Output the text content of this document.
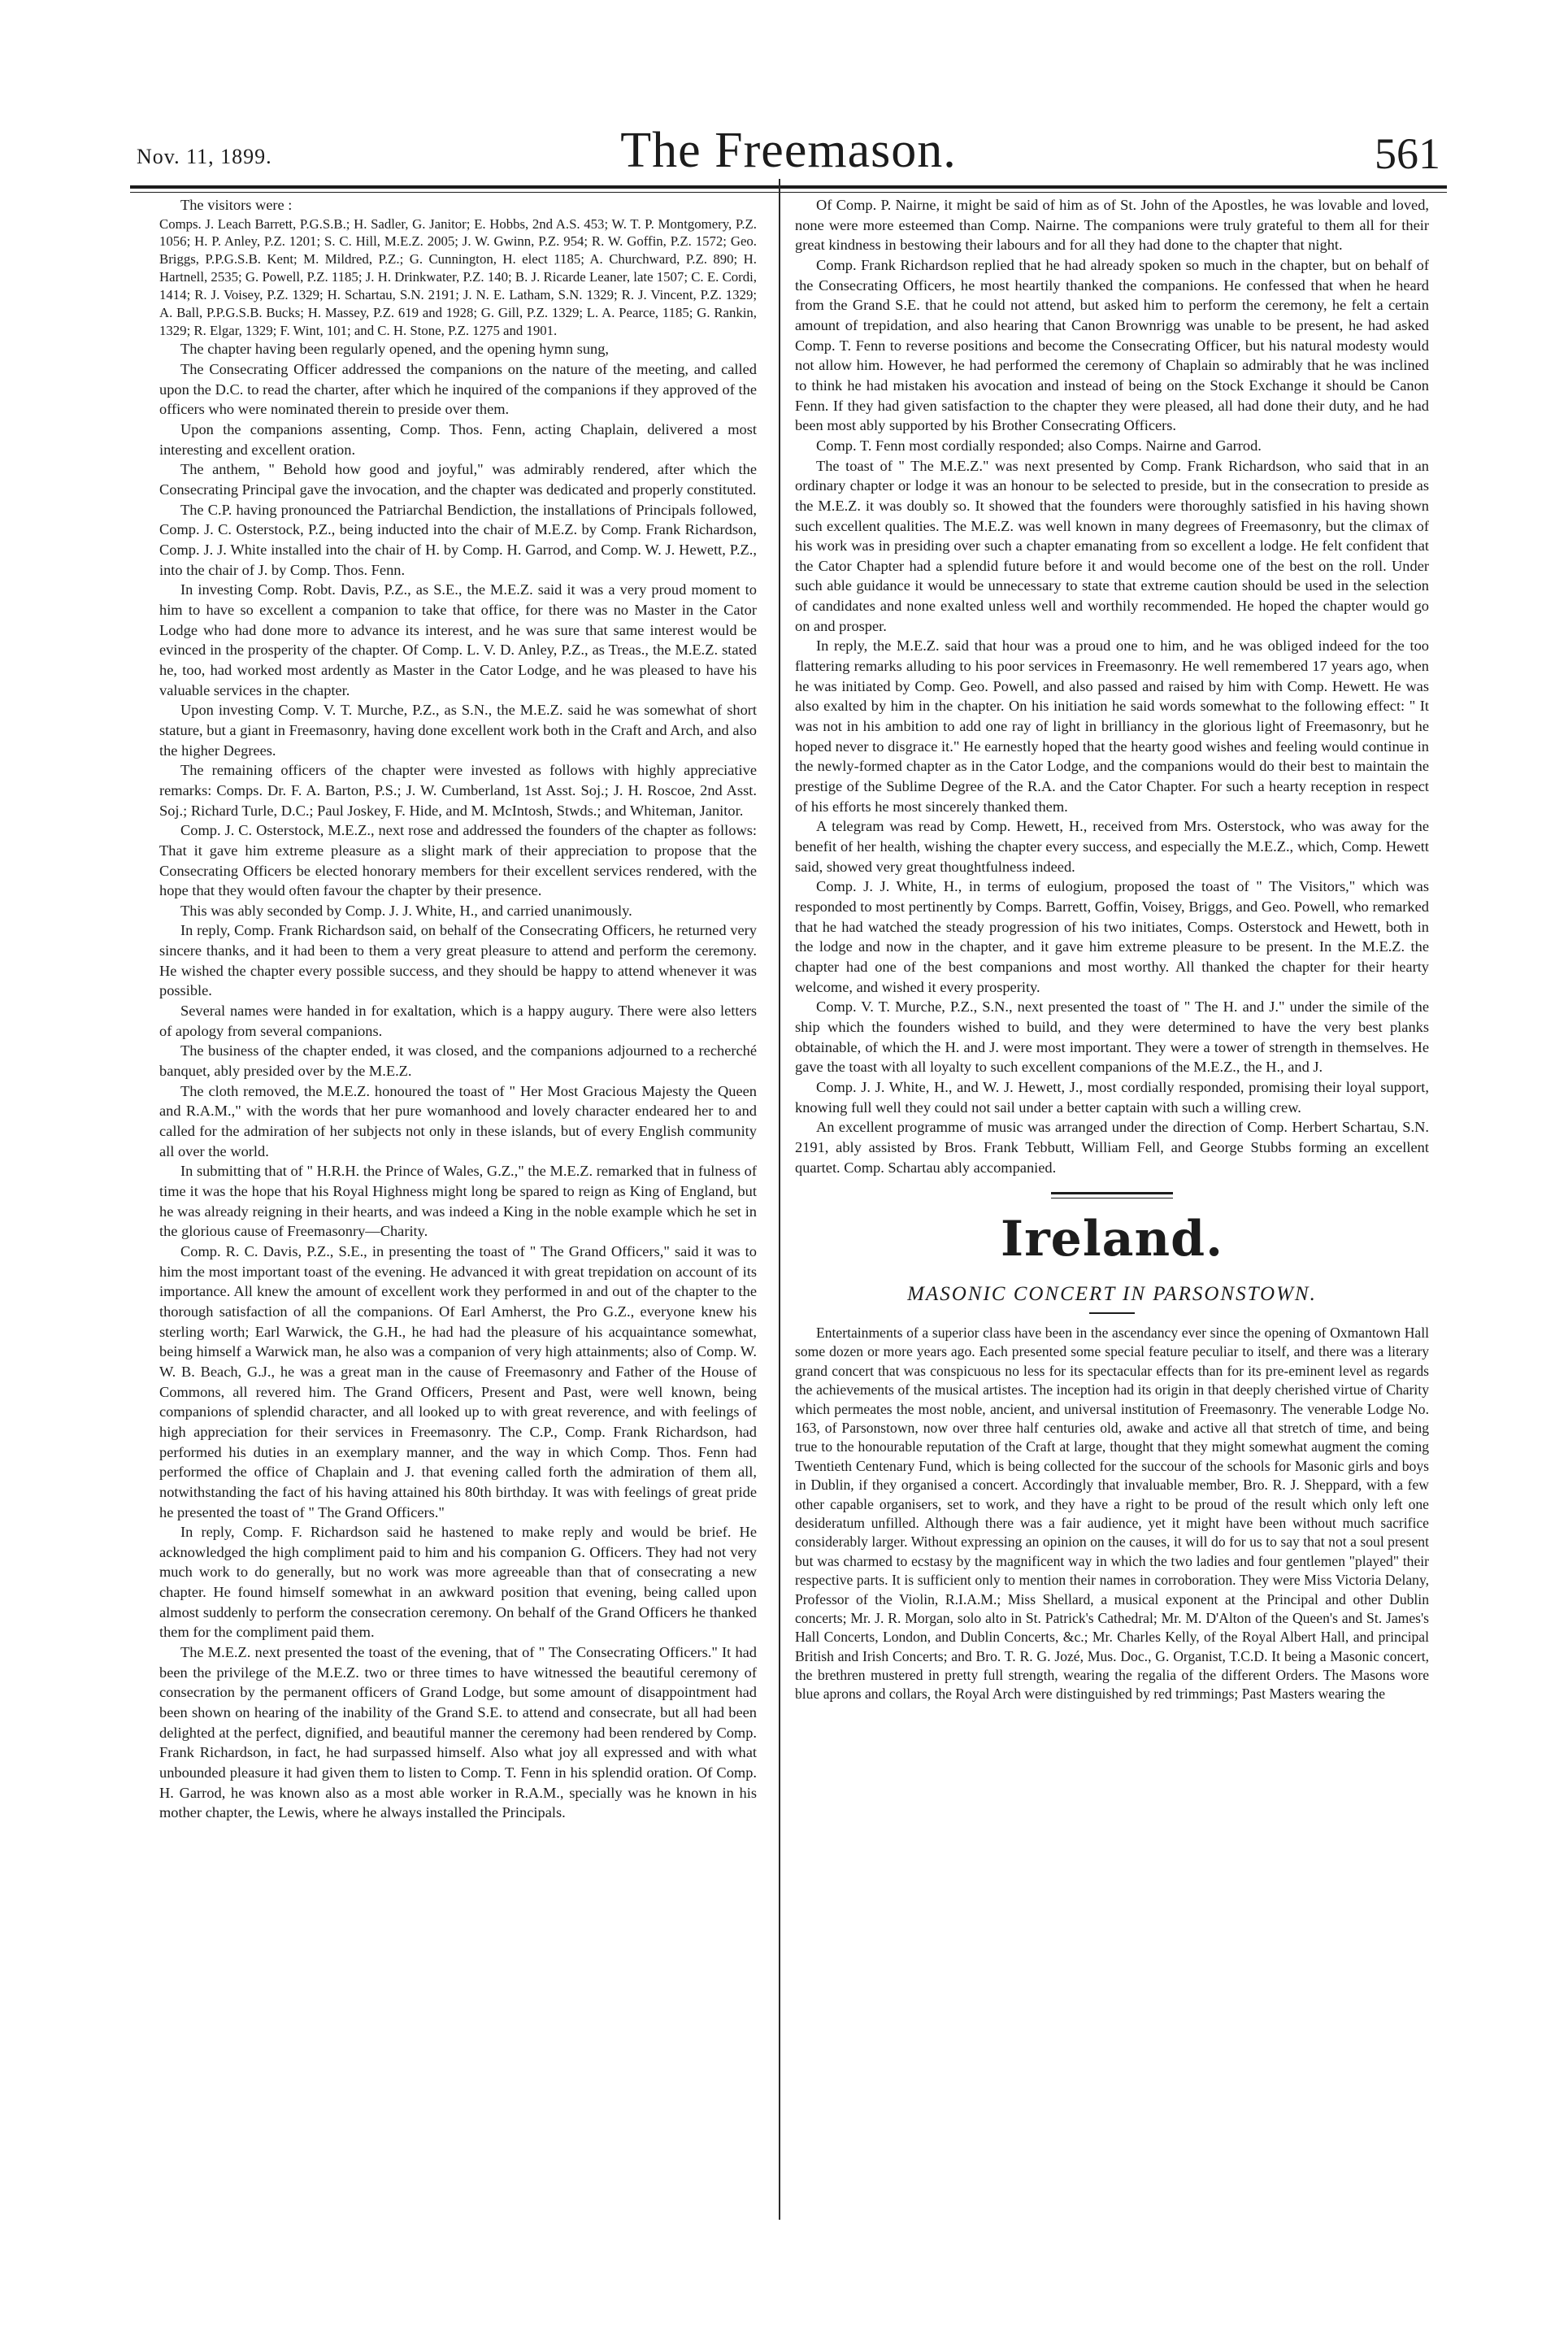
Nov. 11, 1899.	The Freemason.	561

The visitors were :

Comps. J. Leach Barrett, P.G.S.B.; H. Sadler, G. Janitor; E. Hobbs, 2nd A.S. 453; W. T. P. Montgomery, P.Z. 1056; H. P. Anley, P.Z. 1201; S. C. Hill, M.E.Z. 2005; J. W. Gwinn, P.Z. 954; R. W. Goffin, P.Z. 1572; Geo. Briggs, P.P.G.S.B. Kent; M. Mildred, P.Z.; G. Cunnington, H. elect 1185; A. Churchward, P.Z. 890; H. Hartnell, 2535; G. Powell, P.Z. 1185; J. H. Drinkwater, P.Z. 140; B. J. Ricarde Leaner, late 1507; C. E. Cordi, 1414; R. J. Voisey, P.Z. 1329; H. Schartau, S.N. 2191; J. N. E. Latham, S.N. 1329; R. J. Vincent, P.Z. 1329; A. Ball, P.P.G.S.B. Bucks; H. Massey, P.Z. 619 and 1928; G. Gill, P.Z. 1329; L. A. Pearce, 1185; G. Rankin, 1329; R. Elgar, 1329; F. Wint, 101; and C. H. Stone, P.Z. 1275 and 1901.

The chapter having been regularly opened, and the opening hymn sung,

The Consecrating Officer addressed the companions on the nature of the meeting, and called upon the D.C. to read the charter, after which he inquired of the companions if they approved of the officers who were nominated therein to preside over them.

Upon the companions assenting, Comp. Thos. Fenn, acting Chaplain, delivered a most interesting and excellent oration.

The anthem, " Behold how good and joyful," was admirably rendered, after which the Consecrating Principal gave the invocation, and the chapter was dedicated and properly constituted.

The C.P. having pronounced the Patriarchal Bendiction, the installations of Principals followed, Comp. J. C. Osterstock, P.Z., being inducted into the chair of M.E.Z. by Comp. Frank Richardson, Comp. J. J. White installed into the chair of H. by Comp. H. Garrod, and Comp. W. J. Hewett, P.Z., into the chair of J. by Comp. Thos. Fenn.

In investing Comp. Robt. Davis, P.Z., as S.E., the M.E.Z. said it was a very proud moment to him to have so excellent a companion to take that office, for there was no Master in the Cator Lodge who had done more to advance its interest, and he was sure that same interest would be evinced in the prosperity of the chapter. Of Comp. L. V. D. Anley, P.Z., as Treas., the M.E.Z. stated he, too, had worked most ardently as Master in the Cator Lodge, and he was pleased to have his valuable services in the chapter.

Upon investing Comp. V. T. Murche, P.Z., as S.N., the M.E.Z. said he was somewhat of short stature, but a giant in Freemasonry, having done excellent work both in the Craft and Arch, and also the higher Degrees.

The remaining officers of the chapter were invested as follows with highly appreciative remarks: Comps. Dr. F. A. Barton, P.S.; J. W. Cumberland, 1st Asst. Soj.; J. H. Roscoe, 2nd Asst. Soj.; Richard Turle, D.C.; Paul Joskey, F. Hide, and M. McIntosh, Stwds.; and Whiteman, Janitor.

Comp. J. C. Osterstock, M.E.Z., next rose and addressed the founders of the chapter as follows: That it gave him extreme pleasure as a slight mark of their appreciation to propose that the Consecrating Officers be elected honorary members for their excellent services rendered, with the hope that they would often favour the chapter by their presence.

This was ably seconded by Comp. J. J. White, H., and carried unanimously.

In reply, Comp. Frank Richardson said, on behalf of the Consecrating Officers, he returned very sincere thanks, and it had been to them a very great pleasure to attend and perform the ceremony. He wished the chapter every possible success, and they should be happy to attend whenever it was possible.

Several names were handed in for exaltation, which is a happy augury. There were also letters of apology from several companions.

The business of the chapter ended, it was closed, and the companions adjourned to a recherché banquet, ably presided over by the M.E.Z.

The cloth removed, the M.E.Z. honoured the toast of " Her Most Gracious Majesty the Queen and R.A.M.," with the words that her pure womanhood and lovely character endeared her to and called for the admiration of her subjects not only in these islands, but of every English community all over the world.

In submitting that of " H.R.H. the Prince of Wales, G.Z.," the M.E.Z. remarked that in fulness of time it was the hope that his Royal Highness might long be spared to reign as King of England, but he was already reigning in their hearts, and was indeed a King in the noble example which he set in the glorious cause of Freemasonry—Charity.

Comp. R. C. Davis, P.Z., S.E., in presenting the toast of " The Grand Officers," said it was to him the most important toast of the evening. He advanced it with great trepidation on account of its importance. All knew the amount of excellent work they performed in and out of the chapter to the thorough satisfaction of all the companions. Of Earl Amherst, the Pro G.Z., everyone knew his sterling worth; Earl Warwick, the G.H., he had had the pleasure of his acquaintance somewhat, being himself a Warwick man, he also was a companion of very high attainments; also of Comp. W. W. B. Beach, G.J., he was a great man in the cause of Freemasonry and Father of the House of Commons, all revered him. The Grand Officers, Present and Past, were well known, being companions of splendid character, and all looked up to with great reverence, and with feelings of high appreciation for their services in Freemasonry. The C.P., Comp. Frank Richardson, had performed his duties in an exemplary manner, and the way in which Comp. Thos. Fenn had performed the office of Chaplain and J. that evening called forth the admiration of them all, notwithstanding the fact of his having attained his 80th birthday. It was with feelings of great pride he presented the toast of " The Grand Officers."

In reply, Comp. F. Richardson said he hastened to make reply and would be brief. He acknowledged the high compliment paid to him and his companion G. Officers. They had not very much work to do generally, but no work was more agreeable than that of consecrating a new chapter. He found himself somewhat in an awkward position that evening, being called upon almost suddenly to perform the consecration ceremony. On behalf of the Grand Officers he thanked them for the compliment paid them.

The M.E.Z. next presented the toast of the evening, that of " The Consecrating Officers." It had been the privilege of the M.E.Z. two or three times to have witnessed the beautiful ceremony of consecration by the permanent officers of Grand Lodge, but some amount of disappointment had been shown on hearing of the inability of the Grand S.E. to attend and consecrate, but all had been delighted at the perfect, dignified, and beautiful manner the ceremony had been rendered by Comp. Frank Richardson, in fact, he had surpassed himself. Also what joy all expressed and with what unbounded pleasure it had given them to listen to Comp. T. Fenn in his splendid oration. Of Comp. H. Garrod, he was known also as a most able worker in R.A.M., specially was he known in his mother chapter, the Lewis, where he always installed the Principals.

Of Comp. P. Nairne, it might be said of him as of St. John of the Apostles, he was lovable and loved, none were more esteemed than Comp. Nairne. The companions were truly grateful to them all for their great kindness in bestowing their labours and for all they had done to the chapter that night.

Comp. Frank Richardson replied that he had already spoken so much in the chapter, but on behalf of the Consecrating Officers, he most heartily thanked the companions. He confessed that when he heard from the Grand S.E. that he could not attend, but asked him to perform the ceremony, he felt a certain amount of trepidation, and also hearing that Canon Brownrigg was unable to be present, he had asked Comp. T. Fenn to reverse positions and become the Consecrating Officer, but his natural modesty would not allow him. However, he had performed the ceremony of Chaplain so admirably that he was inclined to think he had mistaken his avocation and instead of being on the Stock Exchange it should be Canon Fenn. If they had given satisfaction to the chapter they were pleased, all had done their duty, and he had been most ably supported by his Brother Consecrating Officers.

Comp. T. Fenn most cordially responded; also Comps. Nairne and Garrod.

The toast of " The M.E.Z." was next presented by Comp. Frank Richardson, who said that in an ordinary chapter or lodge it was an honour to be selected to preside, but in the consecration to preside as the M.E.Z. it was doubly so. It showed that the founders were thoroughly satisfied in his having shown such excellent qualities. The M.E.Z. was well known in many degrees of Freemasonry, but the climax of his work was in presiding over such a chapter emanating from so excellent a lodge. He felt confident that the Cator Chapter had a splendid future before it and would become one of the best on the roll. Under such able guidance it would be unnecessary to state that extreme caution should be used in the selection of candidates and none exalted unless well and worthily recommended. He hoped the chapter would go on and prosper.

In reply, the M.E.Z. said that hour was a proud one to him, and he was obliged indeed for the too flattering remarks alluding to his poor services in Freemasonry. He well remembered 17 years ago, when he was initiated by Comp. Geo. Powell, and also passed and raised by him with Comp. Hewett. He was also exalted by him in the chapter. On his initiation he said words somewhat to the following effect: " It was not in his ambition to add one ray of light in brilliancy in the glorious light of Freemasonry, but he hoped never to disgrace it." He earnestly hoped that the hearty good wishes and feeling would continue in the newly-formed chapter as in the Cator Lodge, and the companions would do their best to maintain the prestige of the Sublime Degree of the R.A. and the Cator Chapter. For such a hearty reception in respect of his efforts he most sincerely thanked them.

A telegram was read by Comp. Hewett, H., received from Mrs. Osterstock, who was away for the benefit of her health, wishing the chapter every success, and especially the M.E.Z., which, Comp. Hewett said, showed very great thoughtfulness indeed.

Comp. J. J. White, H., in terms of eulogium, proposed the toast of " The Visitors," which was responded to most pertinently by Comps. Barrett, Goffin, Voisey, Briggs, and Geo. Powell, who remarked that he had watched the steady progression of his two initiates, Comps. Osterstock and Hewett, both in the lodge and now in the chapter, and it gave him extreme pleasure to be present. In the M.E.Z. the chapter had one of the best companions and most worthy. All thanked the chapter for their hearty welcome, and wished it every prosperity.

Comp. V. T. Murche, P.Z., S.N., next presented the toast of " The H. and J." under the simile of the ship which the founders wished to build, and they were determined to have the very best planks obtainable, of which the H. and J. were most important. They were a tower of strength in themselves. He gave the toast with all loyalty to such excellent companions of the M.E.Z., the H., and J.

Comp. J. J. White, H., and W. J. Hewett, J., most cordially responded, promising their loyal support, knowing full well they could not sail under a better captain with such a willing crew.

An excellent programme of music was arranged under the direction of Comp. Herbert Schartau, S.N. 2191, ably assisted by Bros. Frank Tebbutt, William Fell, and George Stubbs forming an excellent quartet. Comp. Schartau ably accompanied.

Ireland.
MASONIC CONCERT IN PARSONSTOWN.

Entertainments of a superior class have been in the ascendancy ever since the opening of Oxmantown Hall some dozen or more years ago. Each presented some special feature peculiar to itself, and there was a literary grand concert that was conspicuous no less for its spectacular effects than for its pre-eminent level as regards the achievements of the musical artistes. The inception had its origin in that deeply cherished virtue of Charity which permeates the most noble, ancient, and universal institution of Freemasonry. The venerable Lodge No. 163, of Parsonstown, now over three half centuries old, awake and active all that stretch of time, and being true to the honourable reputation of the Craft at large, thought that they might somewhat augment the coming Twentieth Centenary Fund, which is being collected for the succour of the schools for Masonic girls and boys in Dublin, if they organised a concert. Accordingly that invaluable member, Bro. R. J. Sheppard, with a few other capable organisers, set to work, and they have a right to be proud of the result which only left one desideratum unfilled. Although there was a fair audience, yet it might have been without much sacrifice considerably larger. Without expressing an opinion on the causes, it will do for us to say that not a soul present but was charmed to ecstasy by the magnificent way in which the two ladies and four gentlemen "played" their respective parts. It is sufficient only to mention their names in corroboration. They were Miss Victoria Delany, Professor of the Violin, R.I.A.M.; Miss Shellard, a musical exponent at the Principal and other Dublin concerts; Mr. J. R. Morgan, solo alto in St. Patrick's Cathedral; Mr. M. D'Alton of the Queen's and St. James's Hall Concerts, London, and Dublin Concerts, &c.; Mr. Charles Kelly, of the Royal Albert Hall, and principal British and Irish Concerts; and Bro. T. R. G. Jozé, Mus. Doc., G. Organist, T.C.D. It being a Masonic concert, the brethren mustered in pretty full strength, wearing the regalia of the different Orders. The Masons wore blue aprons and collars, the Royal Arch were distinguished by red trimmings; Past Masters wearing the
